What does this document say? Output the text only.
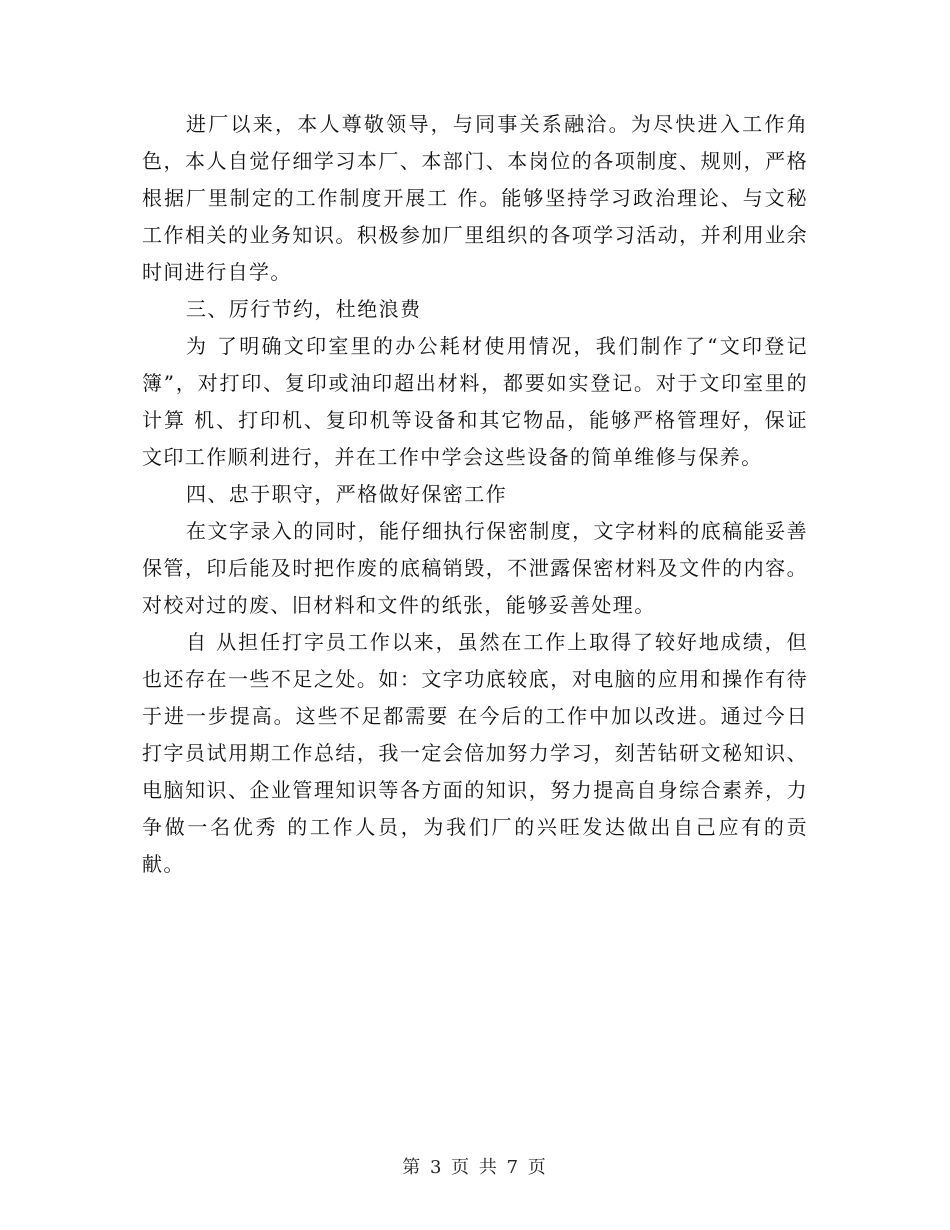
进厂以来，本人尊敬领导，与同事关系融洽。为尽快进入工作角色，本人自觉仔细学习本厂、本部门、本岗位的各项制度、规则，严格根据厂里制定的工作制度开展工 作。能够坚持学习政治理论、与文秘工作相关的业务知识。积极参加厂里组织的各项学习活动，并利用业余时间进行自学。

三、厉行节约，杜绝浪费

为 了明确文印室里的办公耗材使用情况，我们制作了“文印登记簿”，对打印、复印或油印超出材料，都要如实登记。对于文印室里的计算 机、打印机、复印机等设备和其它物品，能够严格管理好，保证文印工作顺利进行，并在工作中学会这些设备的简单维修与保养。

四、忠于职守，严格做好保密工作

在文字录入的同时，能仔细执行保密制度，文字材料的底稿能妥善保管，印后能及时把作废的底稿销毁，不泄露保密材料及文件的内容。对校对过的废、旧材料和文件的纸张，能够妥善处理。

自 从担任打字员工作以来，虽然在工作上取得了较好地成绩，但也还存在一些不足之处。如：文字功底较底，对电脑的应用和操作有待于进一步提高。这些不足都需要 在今后的工作中加以改进。通过今日打字员试用期工作总结，我一定会倍加努力学习，刻苦钻研文秘知识、电脑知识、企业管理知识等各方面的知识，努力提高自身综合素养，力争做一名优秀 的工作人员，为我们厂的兴旺发达做出自己应有的贡献。

第 3 页 共 7 页
